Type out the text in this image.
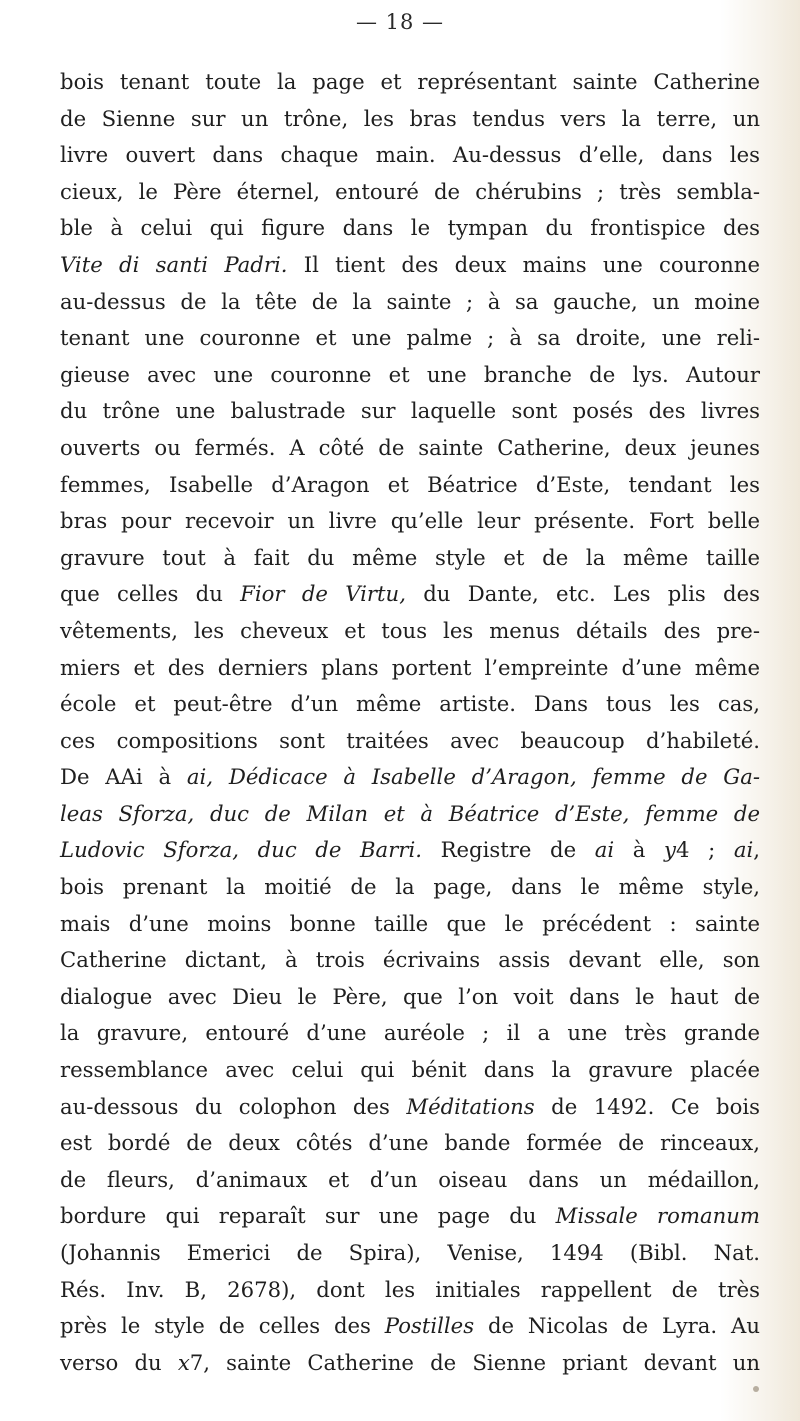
— 18 —
bois tenant toute la page et représentant sainte Catherine
de Sienne sur un trône, les bras tendus vers la terre, un
livre ouvert dans chaque main. Au-dessus d’elle, dans les
cieux, le Père éternel, entouré de chérubins ; très sembla-
ble à celui qui figure dans le tympan du frontispice des
Vite di santi Padri. Il tient des deux mains une couronne
au-dessus de la tête de la sainte ; à sa gauche, un moine
tenant une couronne et une palme ; à sa droite, une reli-
gieuse avec une couronne et une branche de lys. Autour
du trône une balustrade sur laquelle sont posés des livres
ouverts ou fermés. A côté de sainte Catherine, deux jeunes
femmes, Isabelle d’Aragon et Béatrice d’Este, tendant les
bras pour recevoir un livre qu’elle leur présente. Fort belle
gravure tout à fait du même style et de la même taille
que celles du Fior de Virtu, du Dante, etc. Les plis des
vêtements, les cheveux et tous les menus détails des pre-
miers et des derniers plans portent l’empreinte d’une même
école et peut-être d’un même artiste. Dans tous les cas,
ces compositions sont traitées avec beaucoup d’habileté.
De AAi à ai, Dédicace à Isabelle d’Aragon, femme de Ga-
leas Sforza, duc de Milan et à Béatrice d’Este, femme de
Ludovic Sforza, duc de Barri. Registre de ai à y4 ; ai,
bois prenant la moitié de la page, dans le même style,
mais d’une moins bonne taille que le précédent : sainte
Catherine dictant, à trois écrivains assis devant elle, son
dialogue avec Dieu le Père, que l’on voit dans le haut de
la gravure, entouré d’une auréole ; il a une très grande
ressemblance avec celui qui bénit dans la gravure placée
au-dessous du colophon des Méditations de 1492. Ce bois
est bordé de deux côtés d’une bande formée de rinceaux,
de fleurs, d’animaux et d’un oiseau dans un médaillon,
bordure qui reparaît sur une page du Missale romanum
(Johannis Emerici de Spira), Venise, 1494 (Bibl. Nat.
Rés. Inv. B, 2678), dont les initiales rappellent de très
près le style de celles des Postilles de Nicolas de Lyra. Au
verso du x7, sainte Catherine de Sienne priant devant un
